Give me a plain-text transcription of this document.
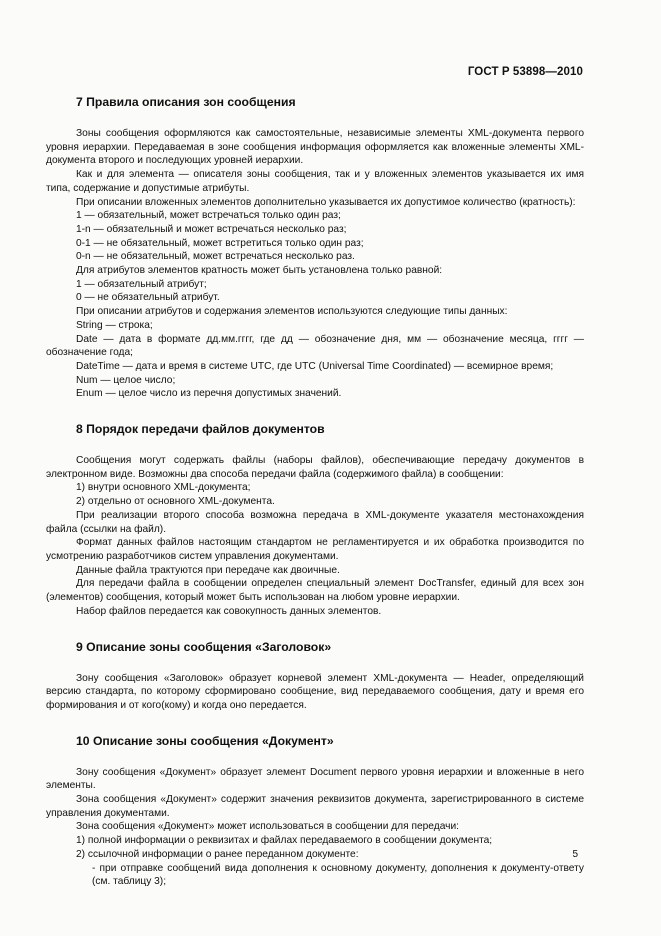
ГОСТ Р 53898—2010
7 Правила описания зон сообщения

Зоны сообщения оформляются как самостоятельные, независимые элементы XML-документа первого уровня иерархии. Передаваемая в зоне сообщения информация оформляется как вложенные элементы XML-документа второго и последующих уровней иерархии.

Как и для элемента — описателя зоны сообщения, так и у вложенных элементов указывается их имя типа, содержание и допустимые атрибуты.

При описании вложенных элементов дополнительно указывается их допустимое количество (кратность):

1 — обязательный, может встречаться только один раз;

1-n — обязательный и может встречаться несколько раз;

0-1 — не обязательный, может встретиться только один раз;

0-n — не обязательный, может встречаться несколько раз.

Для атрибутов элементов кратность может быть установлена только равной:

1 — обязательный атрибут;

0 — не обязательный атрибут.

При описании атрибутов и содержания элементов используются следующие типы данных:

String — строка;

Date — дата в формате дд.мм.гггг, где дд — обозначение дня, мм — обозначение месяца, гггг — обозначение года;

DateTime — дата и время в системе UTC, где UTC (Universal Time Coordinated) — всемирное время;

Num — целое число;

Enum — целое число из перечня допустимых значений.

8 Порядок передачи файлов документов

Сообщения могут содержать файлы (наборы файлов), обеспечивающие передачу документов в электронном виде. Возможны два способа передачи файла (содержимого файла) в сообщении:

1) внутри основного XML-документа;

2) отдельно от основного XML-документа.

При реализации второго способа возможна передача в XML-документе указателя местонахождения файла (ссылки на файл).

Формат данных файлов настоящим стандартом не регламентируется и их обработка производится по усмотрению разработчиков систем управления документами.

Данные файла трактуются при передаче как двоичные.

Для передачи файла в сообщении определен специальный элемент DocTransfer, единый для всех зон (элементов) сообщения, который может быть использован на любом уровне иерархии.

Набор файлов передается как совокупность данных элементов.

9 Описание зоны сообщения «Заголовок»

Зону сообщения «Заголовок» образует корневой элемент XML-документа — Header, определяющий версию стандарта, по которому сформировано сообщение, вид передаваемого сообщения, дату и время его формирования и от кого(кому) и когда оно передается.

10 Описание зоны сообщения «Документ»

Зону сообщения «Документ» образует элемент Document первого уровня иерархии и вложенные в него элементы.

Зона сообщения «Документ» содержит значения реквизитов документа, зарегистрированного в системе управления документами.

Зона сообщения «Документ» может использоваться в сообщении для передачи:

1) полной информации о реквизитах и файлах передаваемого в сообщении документа;

2) ссылочной информации о ранее переданном документе:

- при отправке сообщений вида дополнения к основному документу, дополнения к документу-ответу (см. таблицу 3);

5
